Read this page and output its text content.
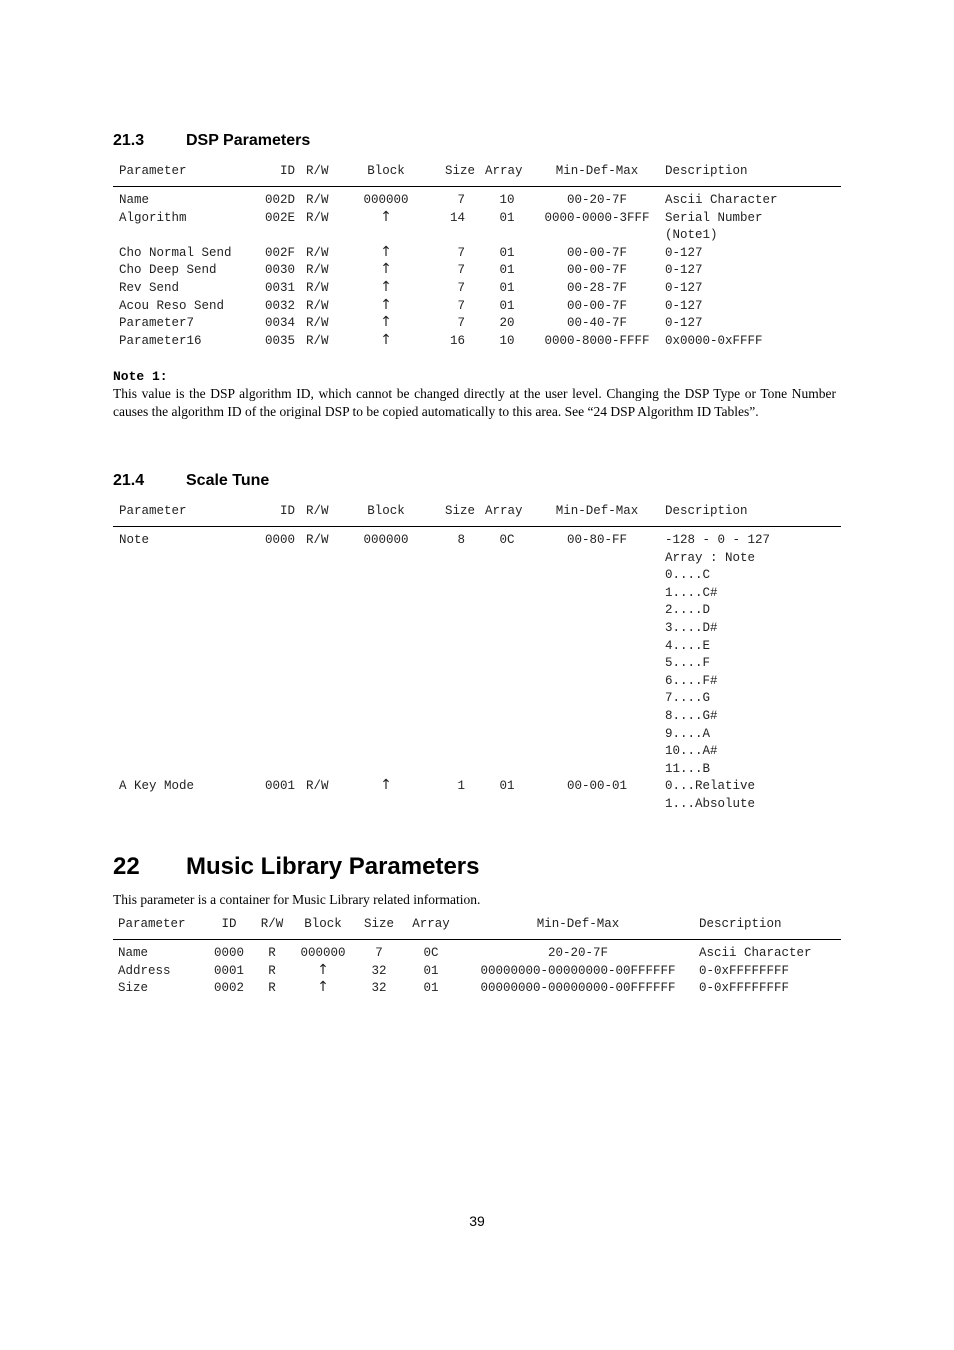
21.3	DSP Parameters
Parameter	ID R/W	Block	Size Array	Min-Def-Max	Description
Name	002D R/W	000000	7	10	00-20-7F	Ascii Character
Algorithm	002E R/W	↑	14	01	0000-0000-3FFF	Serial Number
(Note1)
Cho Normal Send	002F R/W	↑	7	01	00-00-7F	0-127
Cho Deep Send	0030 R/W	↑	7	01	00-00-7F	0-127
Rev Send	0031 R/W	↑	7	01	00-28-7F	0-127
Acou Reso Send	0032 R/W	↑	7	01	00-00-7F	0-127
Parameter7	0034 R/W	↑	7	20	00-40-7F	0-127
Parameter16	0035 R/W	↑	16	10	0000-8000-FFFF	0x0000-0xFFFF
Note 1:
This value is the DSP algorithm ID, which cannot be changed directly at the user level. Changing the DSP Type or Tone Number causes the algorithm ID of the original DSP to be copied automatically to this area. See “24 DSP Algorithm ID Tables”.
21.4	Scale Tune
Parameter	ID R/W	Block	Size Array	Min-Def-Max	Description
Note	0000 R/W	000000	8	0C	00-80-FF	-128 - 0 - 127
Array : Note
0....C
1....C#
2....D
3....D#
4....E
5....F
6....F#
7....G
8....G#
9....A
10...A#
11...B
A Key Mode	0001 R/W	↑	1	01	00-00-01	0...Relative
1...Absolute
22 Music Library Parameters
This parameter is a container for Music Library related information.
Parameter	ID	R/W	Block	Size	Array	Min-Def-Max	Description
Name	0000	R	000000	7	0C	20-20-7F	Ascii Character
Address	0001	R	↑	32	01	00000000-00000000-00FFFFFF	0-0xFFFFFFFF
Size	0002	R	↑	32	01	00000000-00000000-00FFFFFF	0-0xFFFFFFFF
39
